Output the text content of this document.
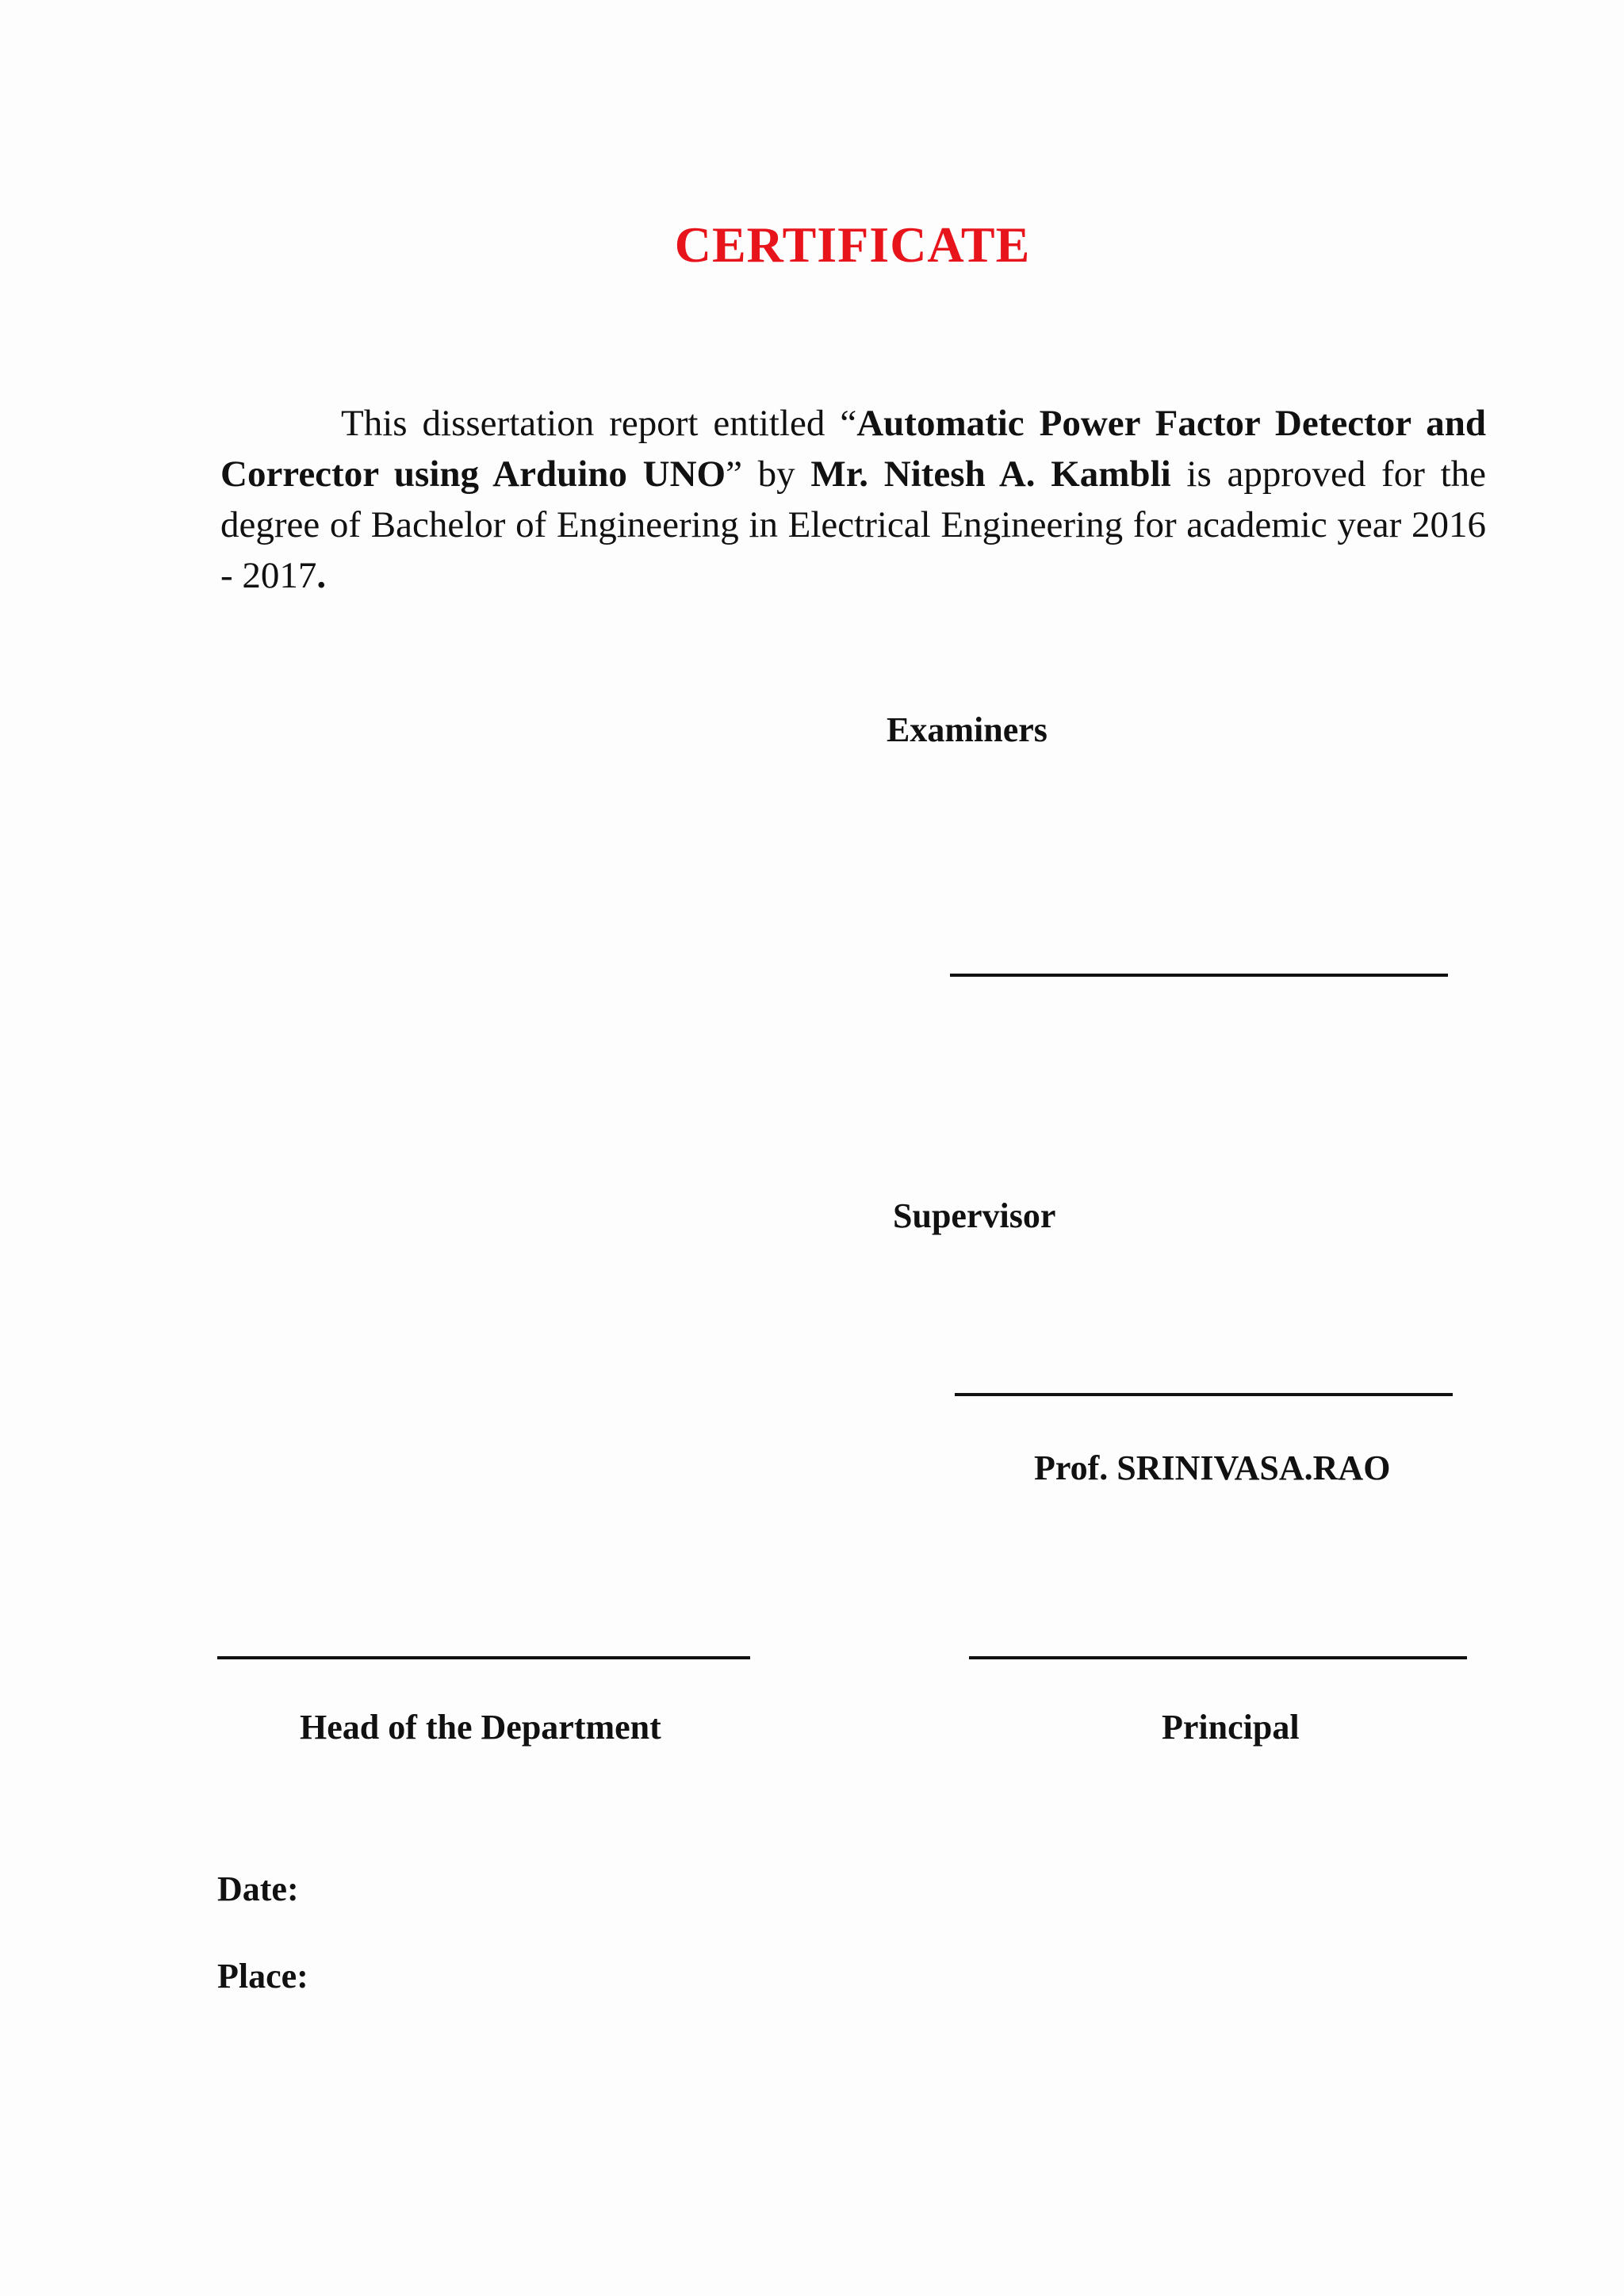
CERTIFICATE

This dissertation report entitled “Automatic Power Factor Detector and Corrector using Arduino UNO” by Mr. Nitesh A. Kambli is approved for the degree of Bachelor of Engineering in Electrical Engineering for academic year 2016 - 2017.

Examiners
Supervisor
Prof. SRINIVASA.RAO
Head of the Department	Principal
Date:
Place:
